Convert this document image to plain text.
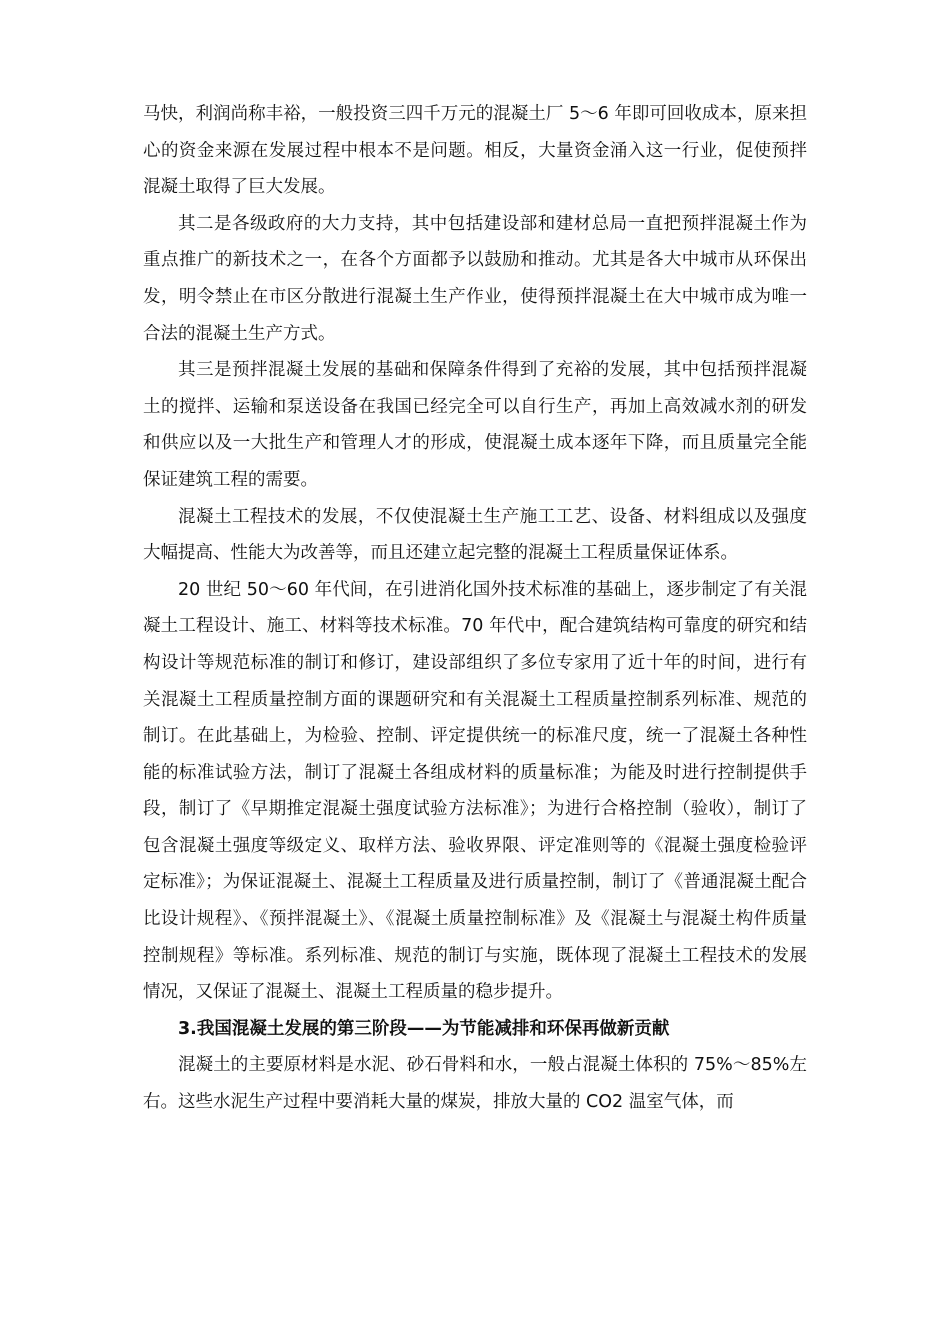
马快，利润尚称丰裕，一般投资三四千万元的混凝土厂 5～6 年即可回收成本，原来担心的资金来源在发展过程中根本不是问题。相反，大量资金涌入这一行业，促使预拌混凝土取得了巨大发展。

其二是各级政府的大力支持，其中包括建设部和建材总局一直把预拌混凝土作为重点推广的新技术之一，在各个方面都予以鼓励和推动。尤其是各大中城市从环保出发，明令禁止在市区分散进行混凝土生产作业，使得预拌混凝土在大中城市成为唯一合法的混凝土生产方式。

其三是预拌混凝土发展的基础和保障条件得到了充裕的发展，其中包括预拌混凝土的搅拌、运输和泵送设备在我国已经完全可以自行生产，再加上高效减水剂的研发和供应以及一大批生产和管理人才的形成，使混凝土成本逐年下降，而且质量完全能保证建筑工程的需要。

混凝土工程技术的发展，不仅使混凝土生产施工工艺、设备、材料组成以及强度大幅提高、性能大为改善等，而且还建立起完整的混凝土工程质量保证体系。

20 世纪 50～60 年代间，在引进消化国外技术标准的基础上，逐步制定了有关混凝土工程设计、施工、材料等技术标准。70 年代中，配合建筑结构可靠度的研究和结构设计等规范标准的制订和修订，建设部组织了多位专家用了近十年的时间，进行有关混凝土工程质量控制方面的课题研究和有关混凝土工程质量控制系列标准、规范的制订。在此基础上，为检验、控制、评定提供统一的标准尺度，统一了混凝土各种性能的标准试验方法，制订了混凝土各组成材料的质量标准；为能及时进行控制提供手段，制订了《早期推定混凝土强度试验方法标准》；为进行合格控制（验收），制订了包含混凝土强度等级定义、取样方法、验收界限、评定准则等的《混凝土强度检验评定标准》；为保证混凝土、混凝土工程质量及进行质量控制，制订了《普通混凝土配合比设计规程》、《预拌混凝土》、《混凝土质量控制标准》及《混凝土与混凝土构件质量控制规程》等标准。系列标准、规范的制订与实施，既体现了混凝土工程技术的发展情况，又保证了混凝土、混凝土工程质量的稳步提升。

3.我国混凝土发展的第三阶段——为节能减排和环保再做新贡献

混凝土的主要原材料是水泥、砂石骨料和水，一般占混凝土体积的 75%～85%左右。这些水泥生产过程中要消耗大量的煤炭，排放大量的 CO2 温室气体，而
